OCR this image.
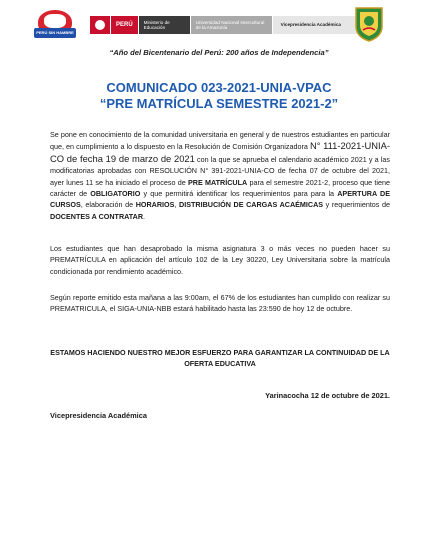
PERÚ SIN HAMBRE
PERÚ	Ministerio de Educación
Universidad Nacional Intercultural de la Amazonía
Vicepresidencia Académica
“Año del Bicentenario del Perú: 200 años de Independencia”
COMUNICADO 023-2021-UNIA-VPAC
“PRE MATRÍCULA SEMESTRE 2021-2”
Se pone en conocimiento de la comunidad universitaria en general y de nuestros estudiantes en particular que, en cumplimiento a lo dispuesto en la Resolución de Comisión Organizadora N° 111-2021-UNIA-CO de fecha 19 de marzo de 2021 con la que se aprueba el calendario académico 2021 y a las modificatorias aprobadas con RESOLUCIÓN N° 391-2021-UNIA-CO de fecha 07 de octubre del 2021, ayer lunes 11 se ha iniciado el proceso de PRE MATRÍCULA para el semestre 2021-2, proceso que tiene carácter de OBLIGATORIO y que permitirá identificar los requerimientos para para la APERTURA DE CURSOS, elaboración de HORARIOS, DISTRIBUCIÓN DE CARGAS ACAÉMICAS y requerimientos de DOCENTES A CONTRATAR.
Los estudiantes que han desaprobado la misma asignatura 3 o más veces no pueden hacer su PREMATRÍCULA en aplicación del artículo 102 de la Ley 30220, Ley Universitaria sobre la matrícula condicionada por rendimiento académico.
Según reporte emitido esta mañana a las 9:00am, el 67% de los estudiantes han cumplido con realizar su PREMATRICULA, el SIGA-UNIA-NBB estará habilitado hasta las 23:590 de hoy 12 de octubre.
ESTAMOS HACIENDO NUESTRO MEJOR ESFUERZO PARA GARANTIZAR LA CONTINUIDAD DE LA OFERTA EDUCATIVA
Yarinacocha 12 de octubre de 2021.
Vicepresidencia Académica
